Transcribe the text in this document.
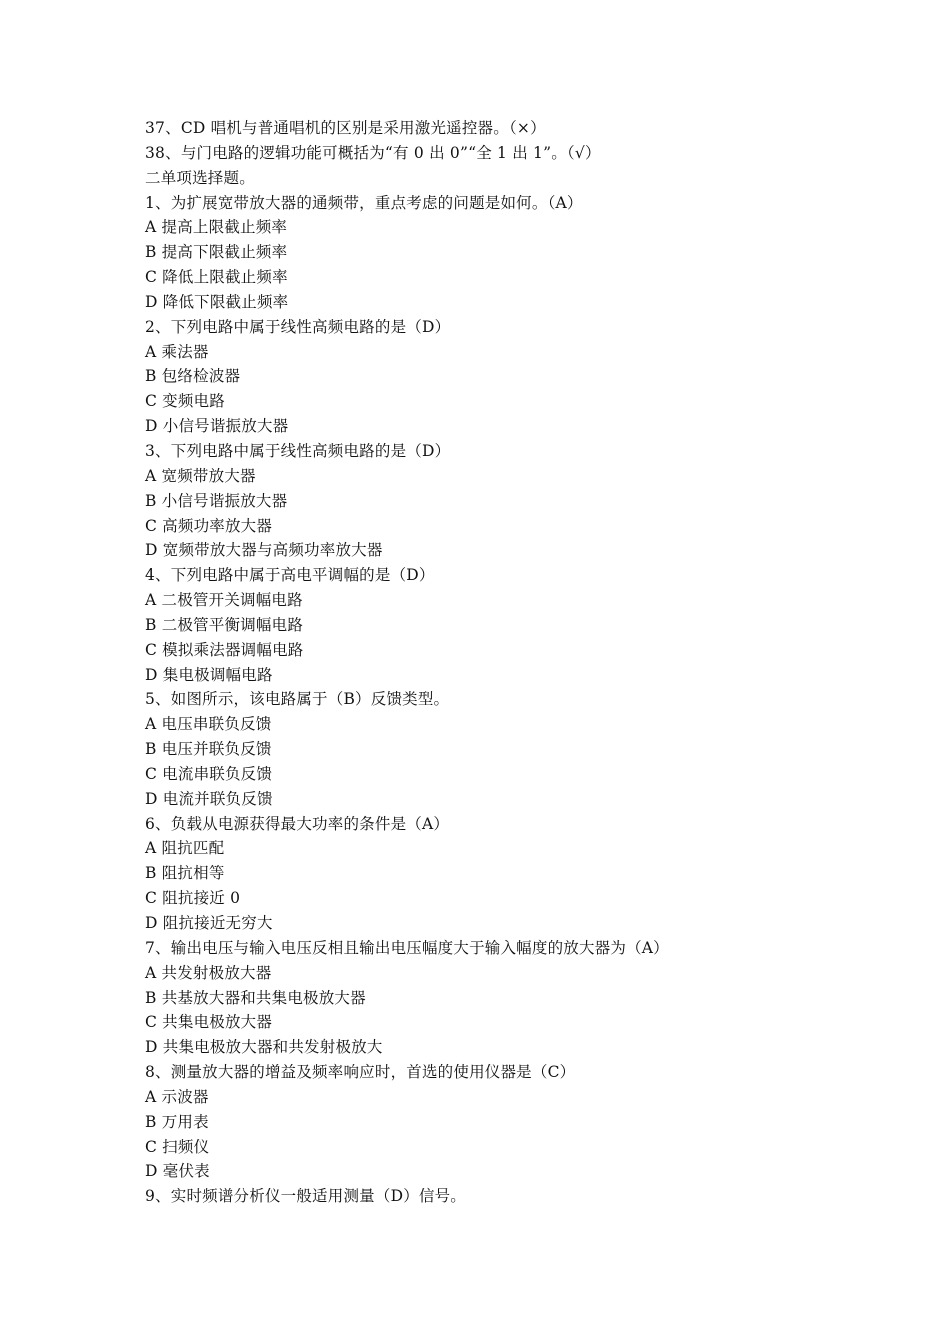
37、CD 唱机与普通唱机的区别是采用激光遥控器。（×）
38、与门电路的逻辑功能可概括为“有 0 出 0”“全 1 出 1”。（√）
二单项选择题。
1、为扩展宽带放大器的通频带，重点考虑的问题是如何。（A）
A 提高上限截止频率
B 提高下限截止频率
C 降低上限截止频率
D 降低下限截止频率
2、下列电路中属于线性高频电路的是（D）
A 乘法器
B 包络检波器
C 变频电路
D 小信号谐振放大器
3、下列电路中属于线性高频电路的是（D）
A 宽频带放大器
B 小信号谐振放大器
C 高频功率放大器
D 宽频带放大器与高频功率放大器
4、下列电路中属于高电平调幅的是（D）
A 二极管开关调幅电路
B 二极管平衡调幅电路
C 模拟乘法器调幅电路
D 集电极调幅电路
5、如图所示，该电路属于（B）反馈类型。
A 电压串联负反馈
B 电压并联负反馈
C 电流串联负反馈
D 电流并联负反馈
6、负载从电源获得最大功率的条件是（A）
A 阻抗匹配
B 阻抗相等
C 阻抗接近 0
D 阻抗接近无穷大
7、输出电压与输入电压反相且输出电压幅度大于输入幅度的放大器为（A）
A 共发射极放大器
B 共基放大器和共集电极放大器
C 共集电极放大器
D 共集电极放大器和共发射极放大
8、测量放大器的增益及频率响应时，首选的使用仪器是（C）
A 示波器
B 万用表
C 扫频仪
D 毫伏表
9、实时频谱分析仪一般适用测量（D）信号。
